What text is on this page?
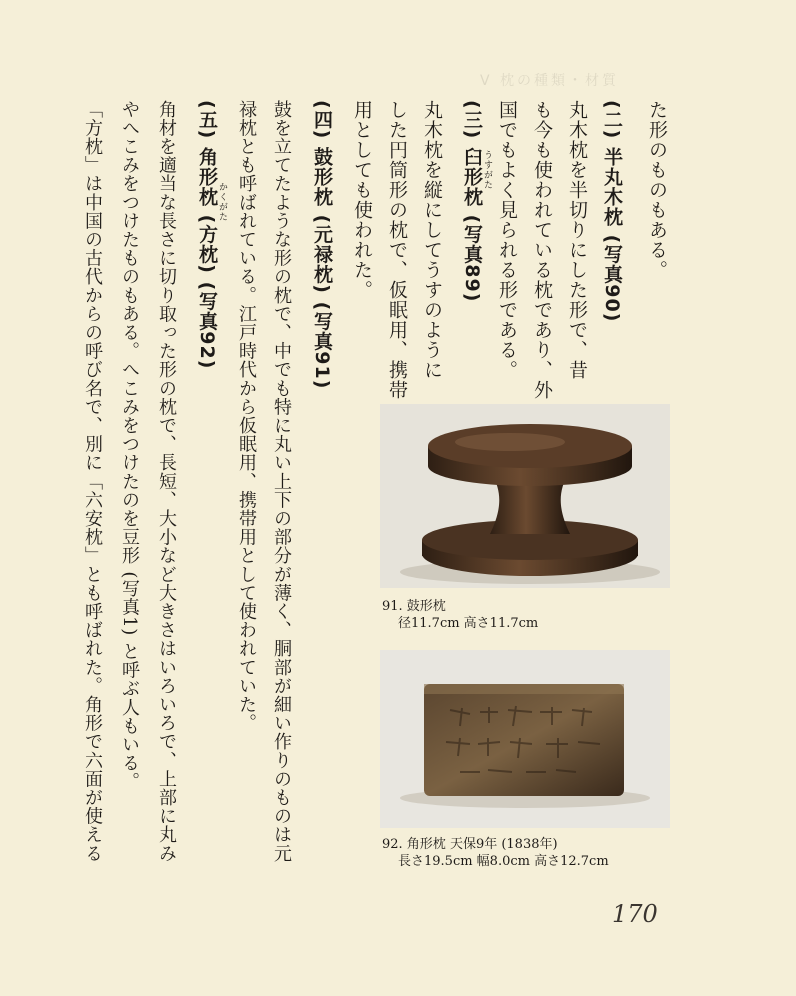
Ⅴ 枕の種類・材質
た形のものもある。
(二) 半丸木枕 (写真90)
丸木枕を半切りにした形で、昔
も今も使われている枕であり、外
国でもよく見られる形である。
(三) 臼形枕 (写真89) うすがた
丸木枕を縦にしてうすのように
した円筒形の枕で、仮眠用、携帯
用としても使われた。
(四) 鼓形枕 (元禄枕) (写真91)
鼓を立てたような形の枕で、中でも特に丸い上下の部分が薄く、胴部が細い作りのものは元
禄枕とも呼ばれている。江戸時代から仮眠用、携帯用として使われていた。
(五) 角形枕 (方枕) (写真92) かくがた
角材を適当な長さに切り取った形の枕で、長短、大小など大きさはいろいろで、上部に丸み
やへこみをつけたものもある。へこみをつけたのを豆形 (写真1) と呼ぶ人もいる。
「方枕」は中国の古代からの呼び名で、別に「六安枕」とも呼ばれた。角形で六面が使える	91. 鼓形枕
径11.7cm 高さ11.7cm
92. 角形枕 天保9年 (1838年)
長さ19.5cm 幅8.0cm 高さ12.7cm
170
